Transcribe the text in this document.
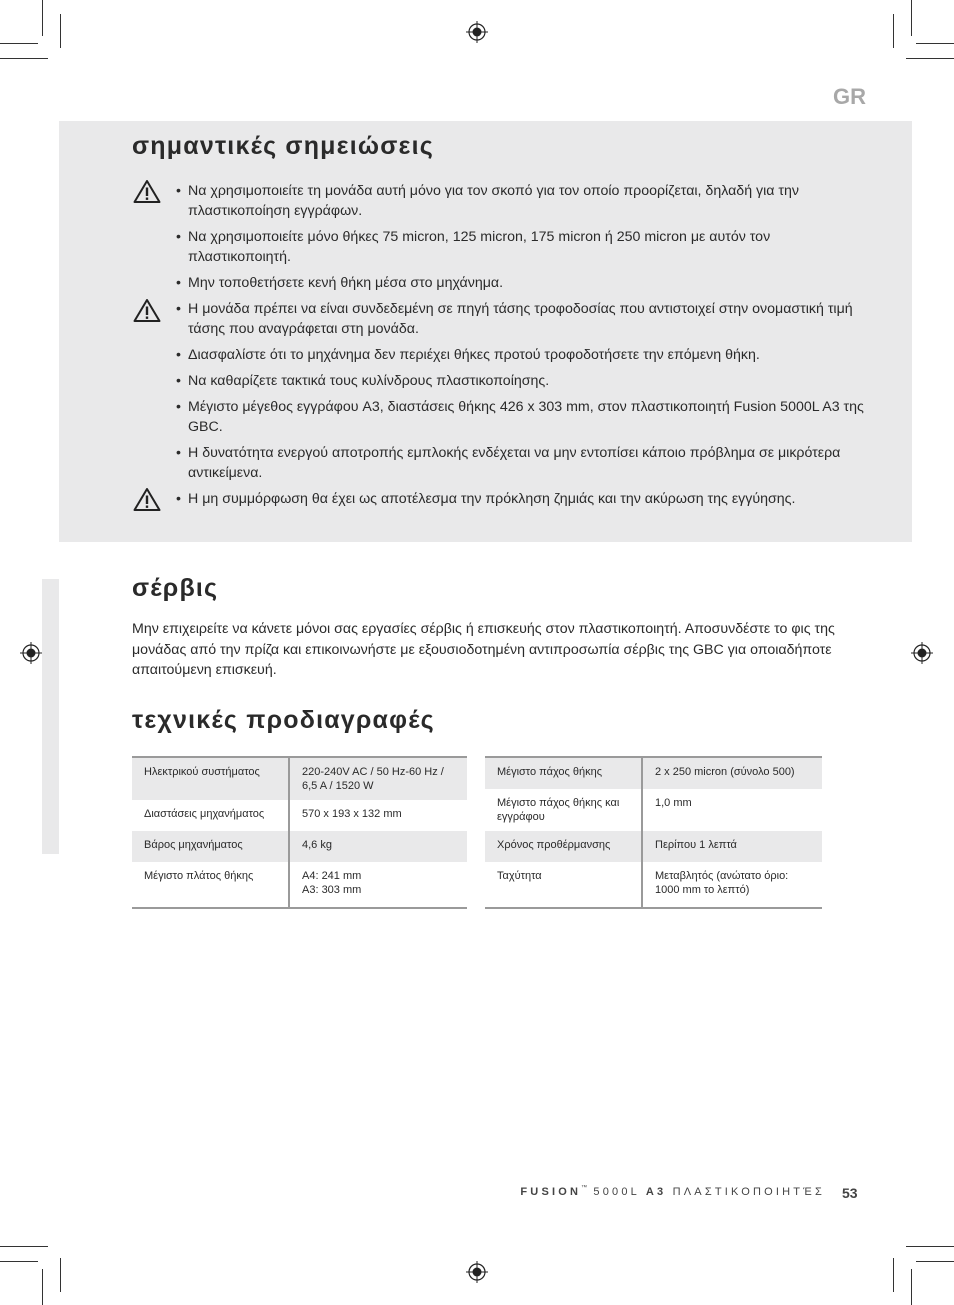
GR
σημαντικές σημειώσεις
• Να χρησιμοποιείτε τη μονάδα αυτή μόνο για τον σκοπό για τον οποίο προορίζεται, δηλαδή για την πλαστικοποίηση εγγράφων.
• Να χρησιμοποιείτε μόνο θήκες 75 micron, 125 micron, 175 micron ή 250 micron με αυτόν τον πλαστικοποιητή.
• Μην τοποθετήσετε κενή θήκη μέσα στο μηχάνημα.
• Η μονάδα πρέπει να είναι συνδεδεμένη σε πηγή τάσης τροφοδοσίας που αντιστοιχεί στην ονομαστική τιμή τάσης που αναγράφεται στη μονάδα.
• Διασφαλίστε ότι το μηχάνημα δεν περιέχει θήκες προτού τροφοδοτήσετε την επόμενη θήκη.
• Να καθαρίζετε τακτικά τους κυλίνδρους πλαστικοποίησης.
• Μέγιστο μέγεθος εγγράφου A3, διαστάσεις θήκης 426 x 303 mm, στον πλαστικοποιητή Fusion 5000L A3 της GBC.
• Η δυνατότητα ενεργού αποτροπής εμπλοκής ενδέχεται να μην εντοπίσει κάποιο πρόβλημα σε μικρότερα αντικείμενα.
• Η μη συμμόρφωση θα έχει ως αποτέλεσμα την πρόκληση ζημιάς και την ακύρωση της εγγύησης.
σέρβις

Μην επιχειρείτε να κάνετε μόνοι σας εργασίες σέρβις ή επισκευής στον πλαστικοποιητή. Αποσυνδέστε το φις της μονάδας από την πρίζα και επικοινωνήστε με εξουσιοδοτημένη αντιπροσωπία σέρβις της GBC για οποιαδήποτε απαιτούμενη επισκευή.

τεχνικές προδιαγραφές
Ηλεκτρικού συστήματος	220-240V AC / 50 Hz-60 Hz / 6,5 A / 1520 W
Διαστάσεις μηχανήματος	570 x 193 x 132 mm
Βάρος μηχανήματος	4,6 kg
Μέγιστο πλάτος θήκης	A4: 241 mm
A3: 303 mm
Μέγιστο πάχος θήκης	2 x 250 micron (σύνολο 500)
Μέγιστο πάχος θήκης και εγγράφου	1,0 mm
Χρόνος προθέρμανσης	Περίπου 1 λεπτά
Ταχύτητα	Μεταβλητός (ανώτατο όριο: 1000 mm το λεπτό)
FUSION™ 5000L A3 ΠΛΑΣΤΙΚΟΠΟΙΗΤΈΣ 53
